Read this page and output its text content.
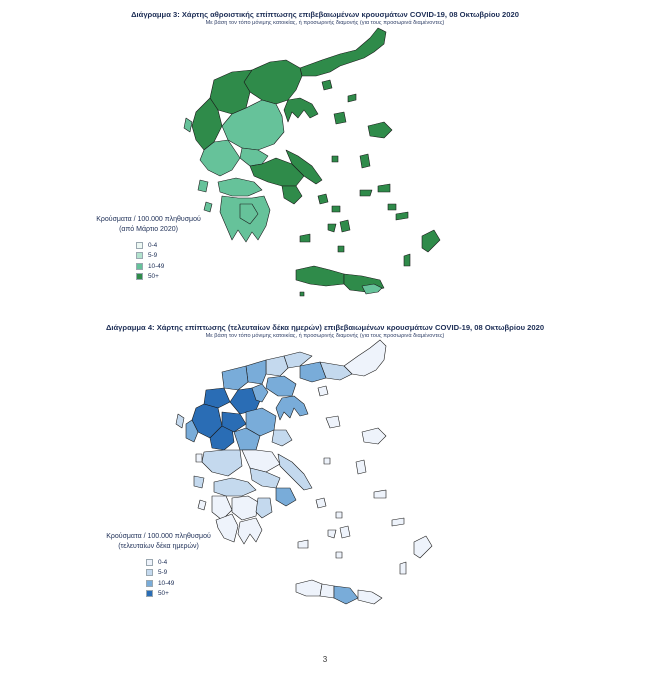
Διάγραμμα 3: Χάρτης αθροιστικής επίπτωσης επιβεβαιωμένων κρουσμάτων COVID-19, 08 Οκτωβρίου 2020
Με βάση τον τόπο μόνιμης κατοικίας, ή προσωρινής διαμονής (για τους προσωρινά διαμένοντες)
Κρούσματα / 100.000 πληθυσμού
(από Μάρτιο 2020)
0-4
5-9
10-49
50+
Διάγραμμα 4: Χάρτης επίπτωσης (τελευταίων δέκα ημερών) επιβεβαιωμένων κρουσμάτων COVID-19, 08 Οκτωβρίου 2020
Με βάση τον τόπο μόνιμης κατοικίας, ή προσωρινής διαμονής (για τους προσωρινά διαμένοντες)
Κρούσματα / 100.000 πληθυσμού
(τελευταίων δέκα ημερών)
0-4
5-9
10-49
50+
3
